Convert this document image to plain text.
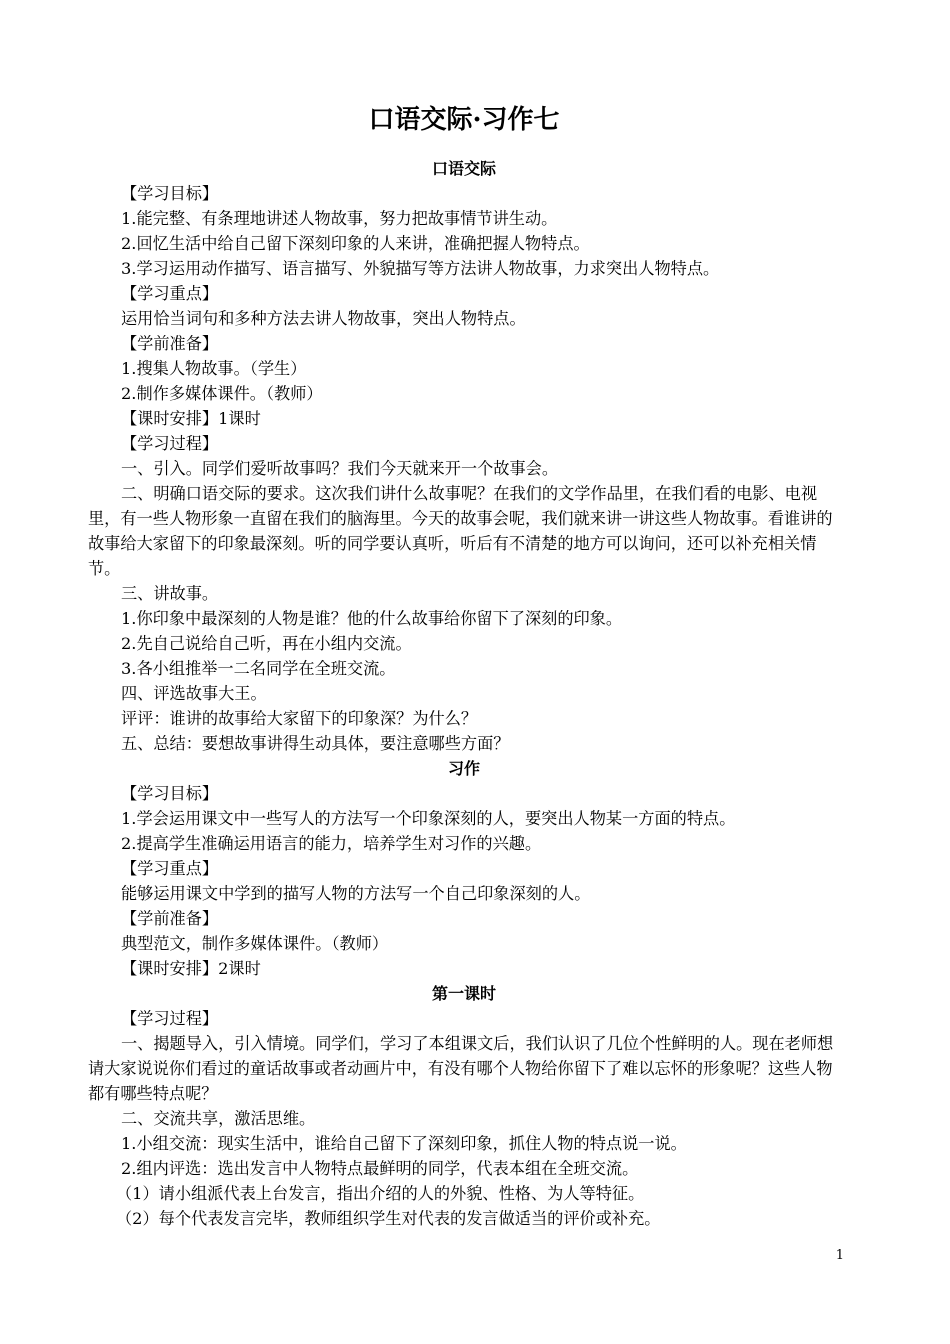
口语交际·习作七
口语交际
【学习目标】
1.能完整、有条理地讲述人物故事，努力把故事情节讲生动。
2.回忆生活中给自己留下深刻印象的人来讲，准确把握人物特点。
3.学习运用动作描写、语言描写、外貌描写等方法讲人物故事，力求突出人物特点。
【学习重点】
运用恰当词句和多种方法去讲人物故事，突出人物特点。
【学前准备】
1.搜集人物故事。（学生）
2.制作多媒体课件。（教师）
【课时安排】1课时
【学习过程】
一、引入。同学们爱听故事吗？我们今天就来开一个故事会。
二、明确口语交际的要求。这次我们讲什么故事呢？在我们的文学作品里，在我们看的电影、电视里，有一些人物形象一直留在我们的脑海里。今天的故事会呢，我们就来讲一讲这些人物故事。看谁讲的故事给大家留下的印象最深刻。听的同学要认真听，听后有不清楚的地方可以询问，还可以补充相关情节。
三、讲故事。
1.你印象中最深刻的人物是谁？他的什么故事给你留下了深刻的印象。
2.先自己说给自己听，再在小组内交流。
3.各小组推举一二名同学在全班交流。
四、评选故事大王。
评评：谁讲的故事给大家留下的印象深？为什么？
五、总结：要想故事讲得生动具体，要注意哪些方面？
习作
【学习目标】
1.学会运用课文中一些写人的方法写一个印象深刻的人，要突出人物某一方面的特点。
2.提高学生准确运用语言的能力，培养学生对习作的兴趣。
【学习重点】
能够运用课文中学到的描写人物的方法写一个自己印象深刻的人。
【学前准备】
典型范文，制作多媒体课件。（教师）
【课时安排】2课时
第一课时
【学习过程】
一、揭题导入，引入情境。同学们，学习了本组课文后，我们认识了几位个性鲜明的人。现在老师想请大家说说你们看过的童话故事或者动画片中，有没有哪个人物给你留下了难以忘怀的形象呢？这些人物都有哪些特点呢？
二、交流共享，激活思维。
1.小组交流：现实生活中，谁给自己留下了深刻印象，抓住人物的特点说一说。
2.组内评选：选出发言中人物特点最鲜明的同学，代表本组在全班交流。
（1）请小组派代表上台发言，指出介绍的人的外貌、性格、为人等特征。
（2）每个代表发言完毕，教师组织学生对代表的发言做适当的评价或补充。
1
